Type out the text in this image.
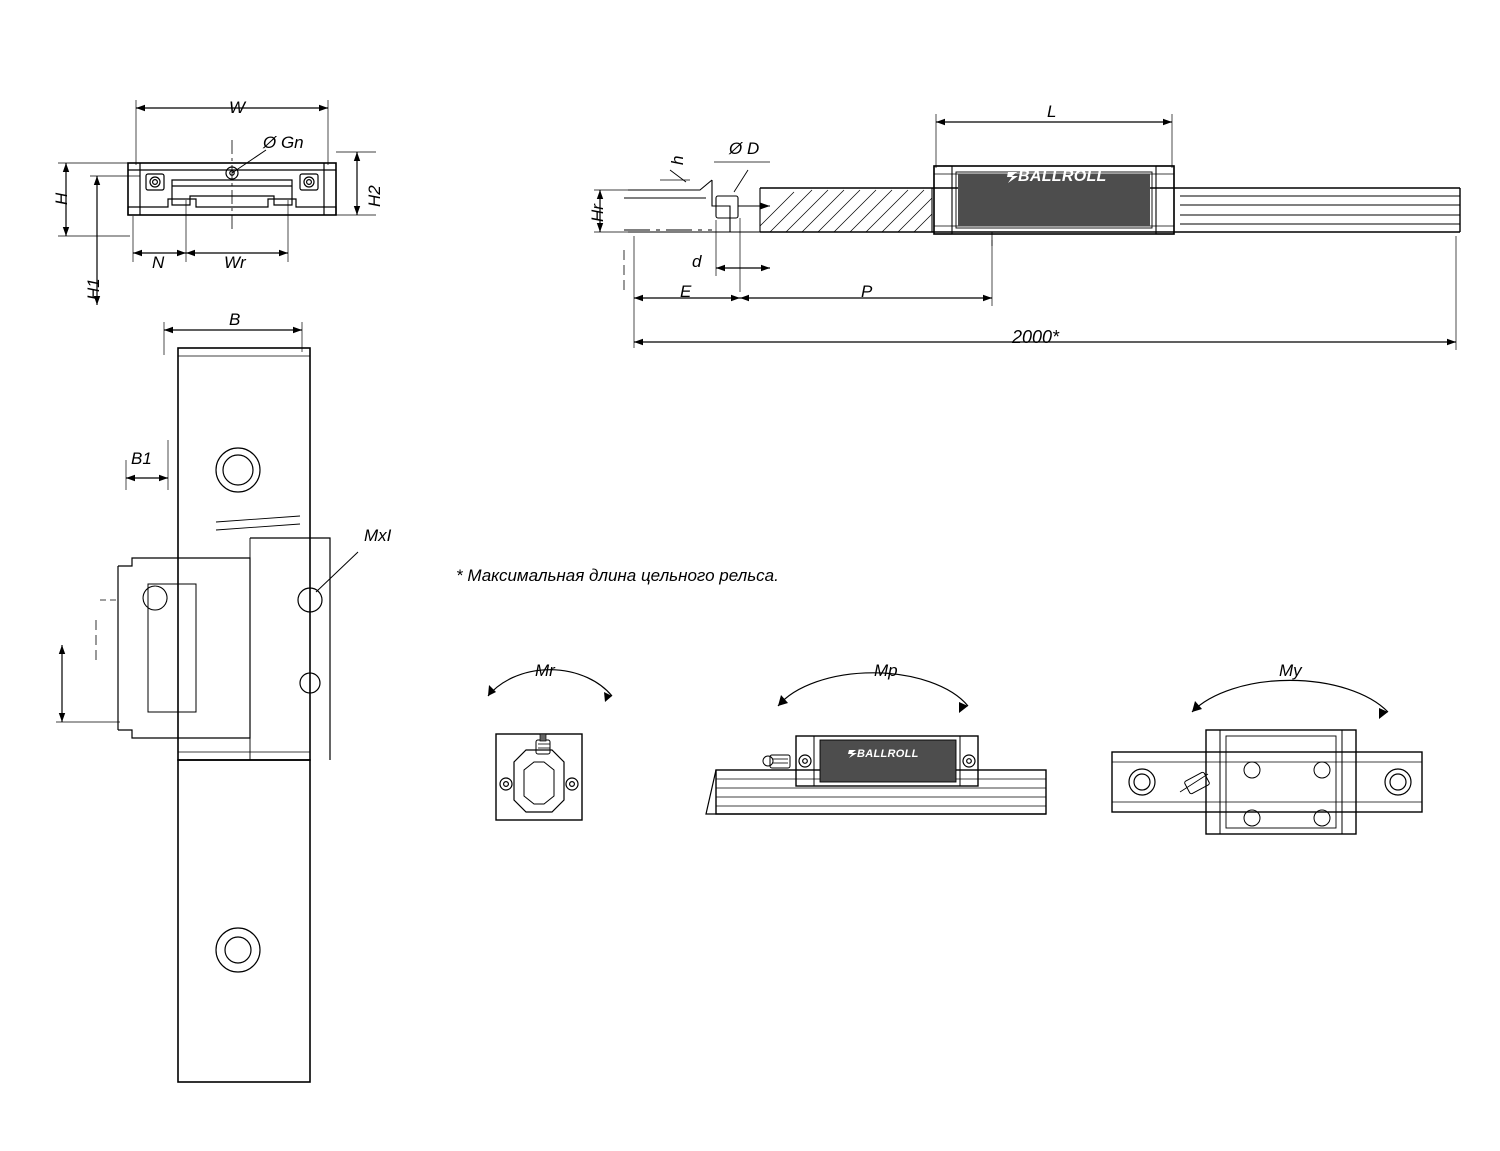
W
H
H1
H2
N	Wr
Ø Gn
B
B1
MxI
L
h
Ø D
Hr
d
E	P
2000*
Mr	Mp	My
* Максимальная длина цельного рельса.
BALLROLL
BALLROLL
